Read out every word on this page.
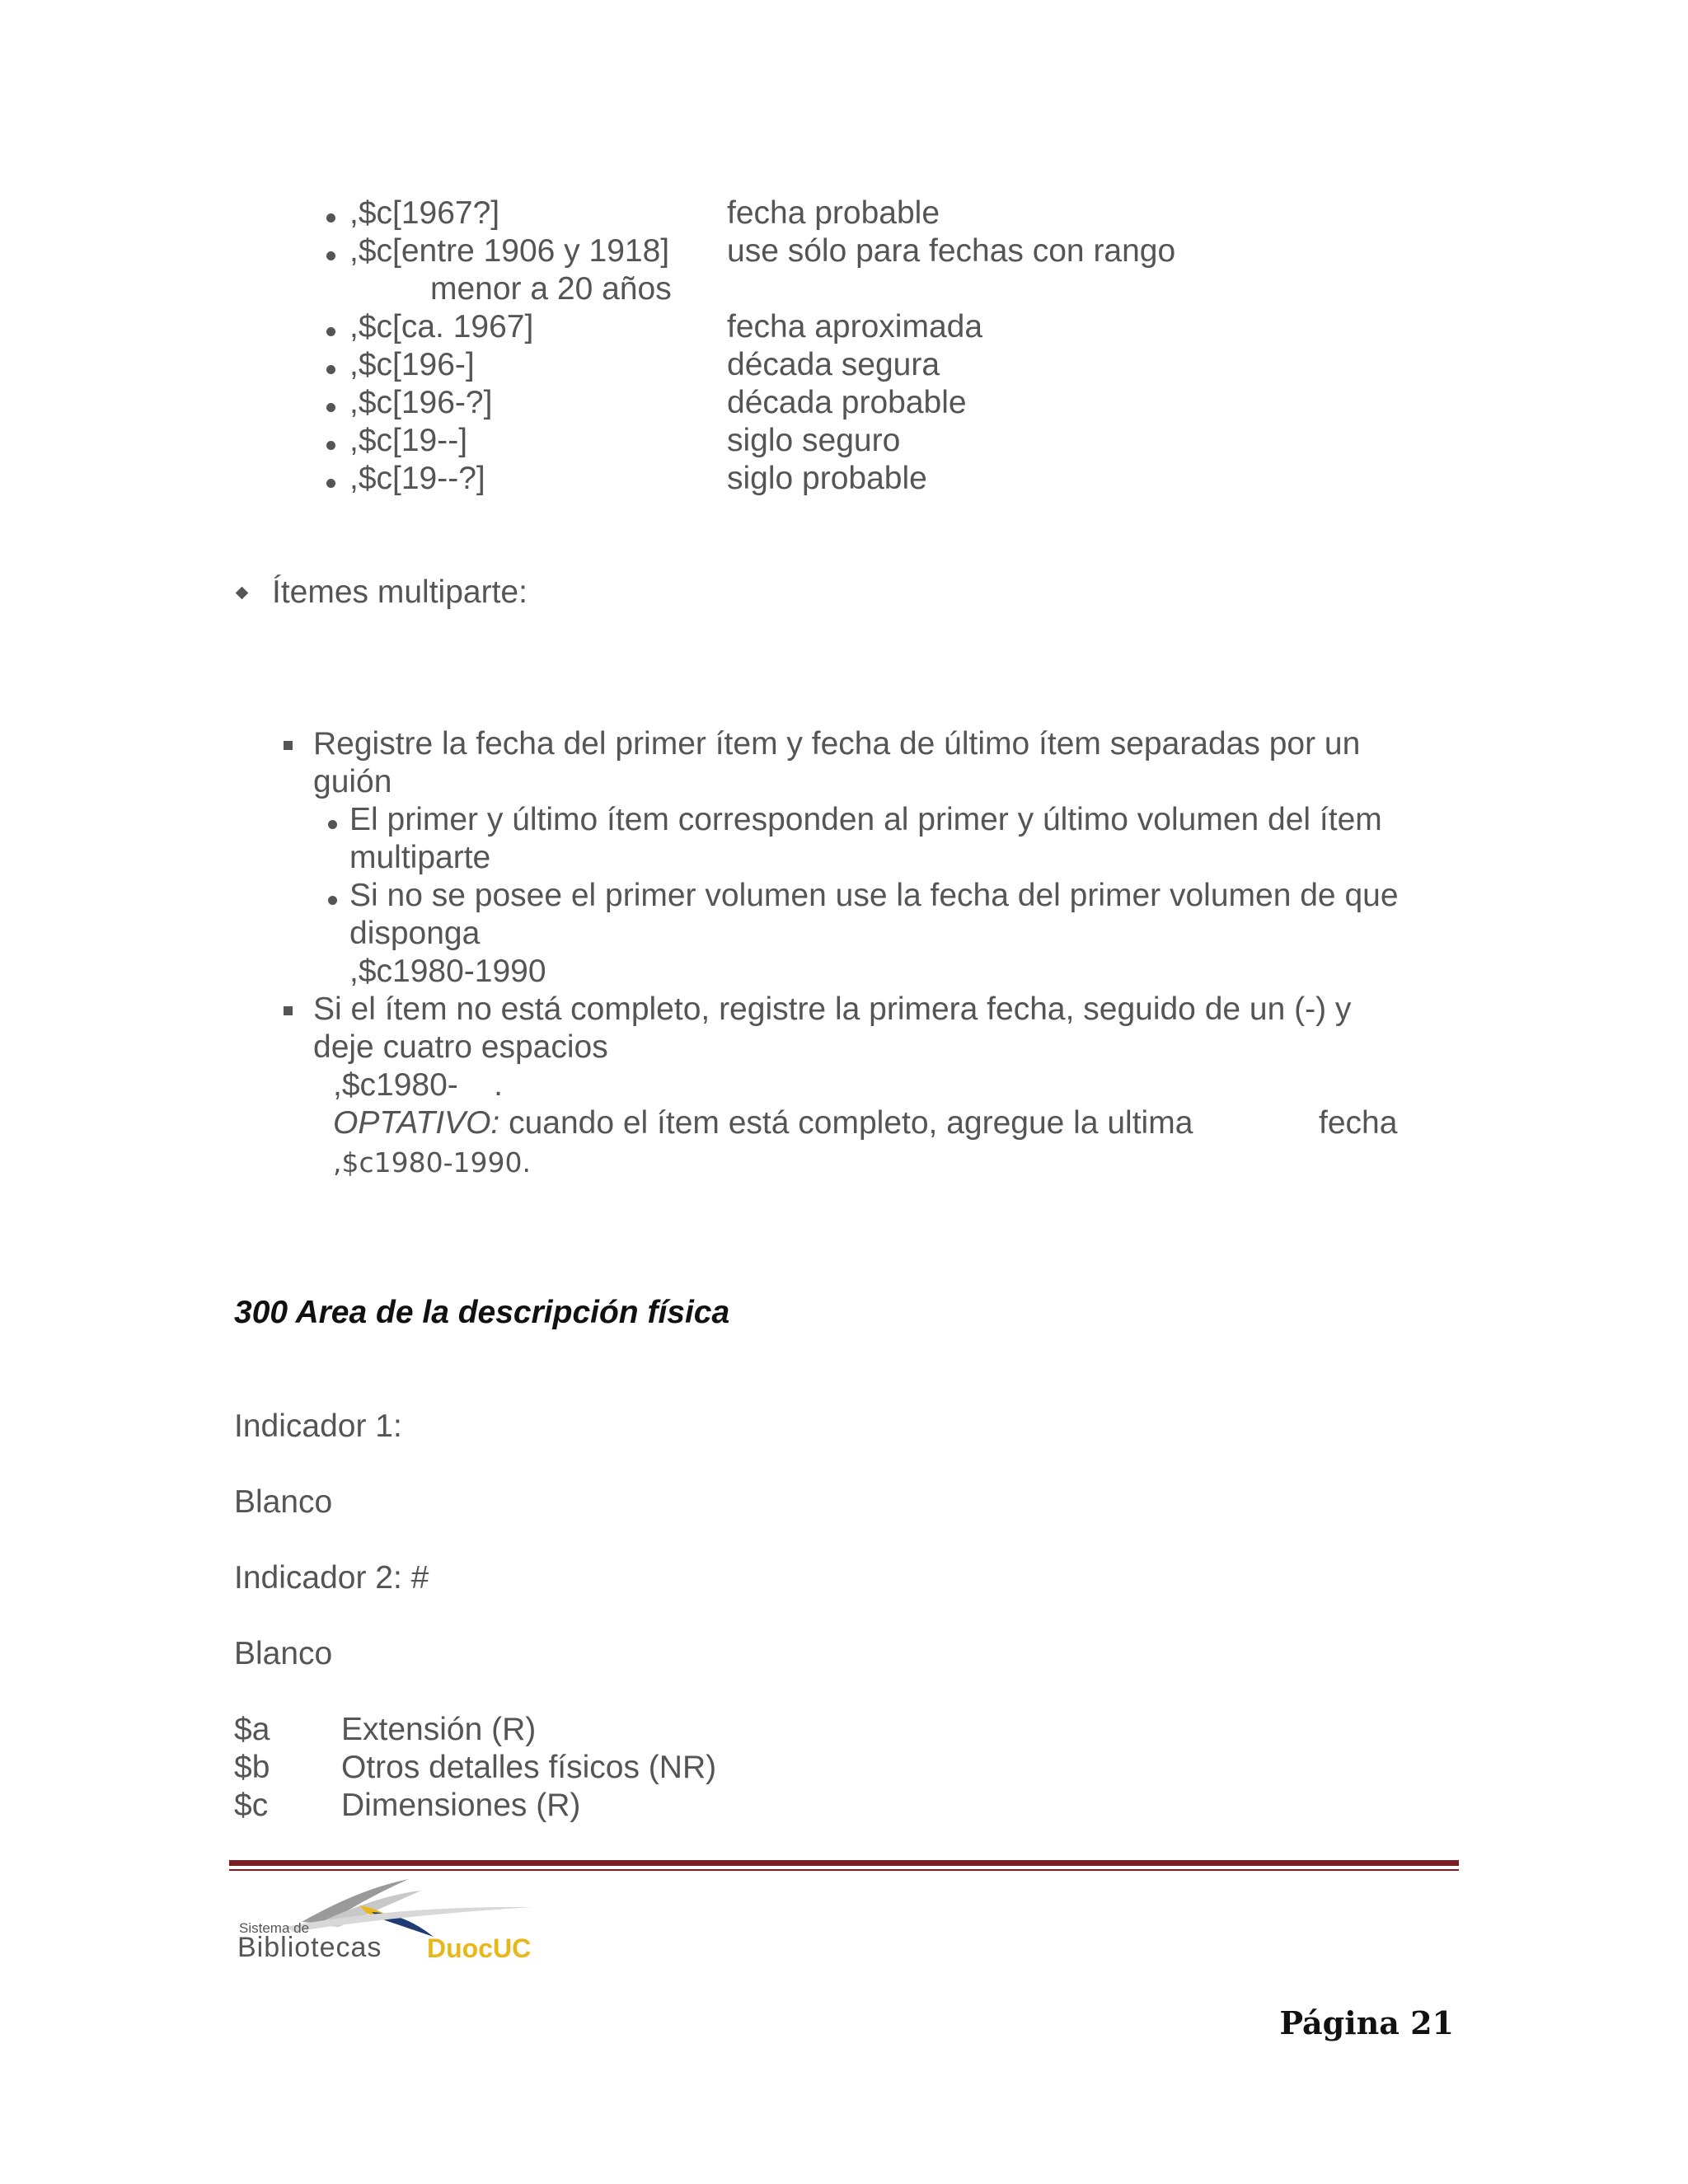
,$c[1967?]	fecha probable
,$c[entre 1906 y 1918] use sólo para fechas con rango
menor a 20 años
,$c[ca. 1967]	fecha aproximada
,$c[196-]	década segura
,$c[196-?]	década probable
,$c[19--]	siglo seguro
,$c[19--?]	siglo probable
Ítemes multiparte:
Registre la fecha del primer ítem y fecha de último ítem separadas por un
guión
El primer y último ítem corresponden al primer y último volumen del ítem
multiparte
Si no se posee el primer volumen use la fecha del primer volumen de que
disponga
,$c1980-1990
Si el ítem no está completo, registre la primera fecha, seguido de un (-) y
deje cuatro espacios
,$c1980-    .
OPTATIVO: cuando el ítem está completo, agregue la ultima	fecha
,$c1980-1990.
300 Area de la descripción física
Indicador 1:
Blanco
Indicador 2: #
Blanco
$a Extensión (R)
$b Otros detalles físicos (NR)
$c Dimensiones (R)
Sistema de
Bibliotecas DuocUC
Página 21
